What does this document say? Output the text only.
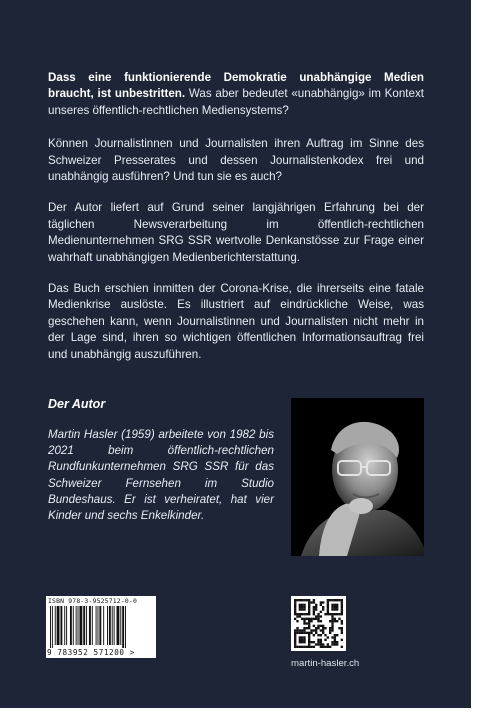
Dass eine funktionierende Demokratie unabhängige Medien braucht, ist unbestritten. Was aber bedeutet «unabhängig» im Kontext unseres öffentlich-rechtlichen Mediensystems?

Können Journalistinnen und Journalisten ihren Auftrag im Sinne des Schweizer Presserates und dessen Journalistenkodex frei und unabhängig ausführen? Und tun sie es auch?

Der Autor liefert auf Grund seiner langjährigen Erfahrung bei der täglichen Newsverarbeitung im öffentlich-rechtlichen Medienunternehmen SRG SSR wertvolle Denkanstösse zur Frage einer wahrhaft unabhängigen Medienberichterstattung.

Das Buch erschien inmitten der Corona-Krise, die ihrerseits eine fatale Medienkrise auslöste. Es illustriert auf eindrückliche Weise, was geschehen kann, wenn Journalistinnen und Journalisten nicht mehr in der Lage sind, ihren so wichtigen öffentlichen Informationsauftrag frei und unabhängig auszuführen.

Der Autor
Martin Hasler (1959) arbeitete von 1982 bis 2021 beim öffentlich-rechtlichen Rundfunkunternehmen SRG SSR für das Schweizer Fernsehen im Studio Bundeshaus. Er ist verheiratet, hat vier Kinder und sechs Enkelkinder.
ISBN 978-3-9525712-0-0
9 783952 571200 >
martin-hasler.ch
